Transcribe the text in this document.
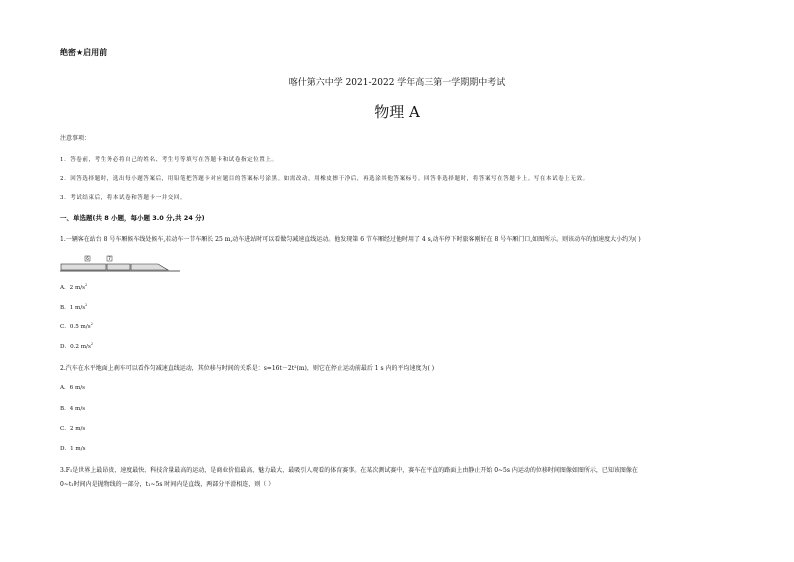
绝密★启用前
喀什第六中学 2021-2022 学年高三第一学期期中考试
物理 A
注意事项：
1．答卷前，考生务必将自己的姓名、考生号等填写在答题卡和试卷指定位置上。
2．回答选择题时，选出每小题答案后，用铅笔把答题卡对应题目的答案标号涂黑。如需改动，用橡皮擦干净后，再选涂其他答案标号。回答非选择题时，将答案写在答题卡上。写在本试卷上无效。
3．考试结束后，将本试卷和答题卡一并交回。
一、单选题(共 8 小题，每小题 3.0 分,共 24 分)
1.一辆客在站台 8 号车厢候车线处候车,若动车一节车厢长 25 m,动车进站时可以看做匀减速直线运动。他发现第 6 节车厢经过他时用了 4 s,动车停下时旅客刚好在 8 号车厢门口,如图所示。则该动车的加速度大小约为( )
6	7
A．2 $m/s^2$
B．1 $m/s^2$
C．0.5 $m/s^2$
D．0.2 $m/s^2$
2.汽车在水平地面上刹车可以看作匀减速直线运动，其位移与时间的关系是：s=16t－2t²(m)，则它在停止运动前最后 1 s 内的平均速度为( )
A．6 m/s
B．4 m/s
C．2 m/s
D．1 m/s
3.F₁是世界上最昂贵、速度最快、科技含量最高的运动，是商业价值最高、魅力最大、最吸引人观看的体育赛事。在某次测试赛中，赛车在平直的路面上由静止开始 0~5s 内运动的位移时间图像如图所示，已知该图像在
0~t₁时间内是抛物线的一部分，t₁~5s 时间内是直线，两部分平滑相连，则（ ）
